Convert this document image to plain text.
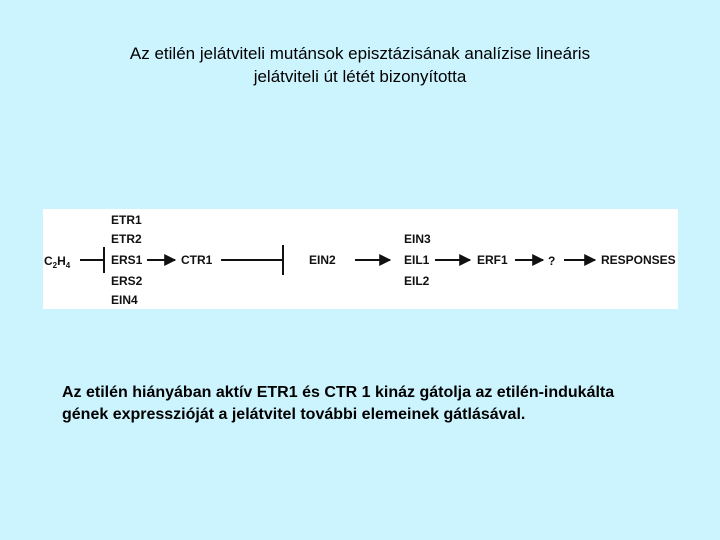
Az etilén jelátviteli mutánsok episztázisának analízise lineáris
jelátviteli út létét bizonyította
$C_2H_4$
ETR1
ETR2
ERS1
ERS2
EIN4
CTR1	EIN2
EIN3
EIL1
EIL2
ERF1	?	RESPONSES
Az etilén hiányában aktív ETR1 és CTR 1 kináz gátolja az etilén-indukálta
gének expresszióját a jelátvitel további elemeinek gátlásával.
